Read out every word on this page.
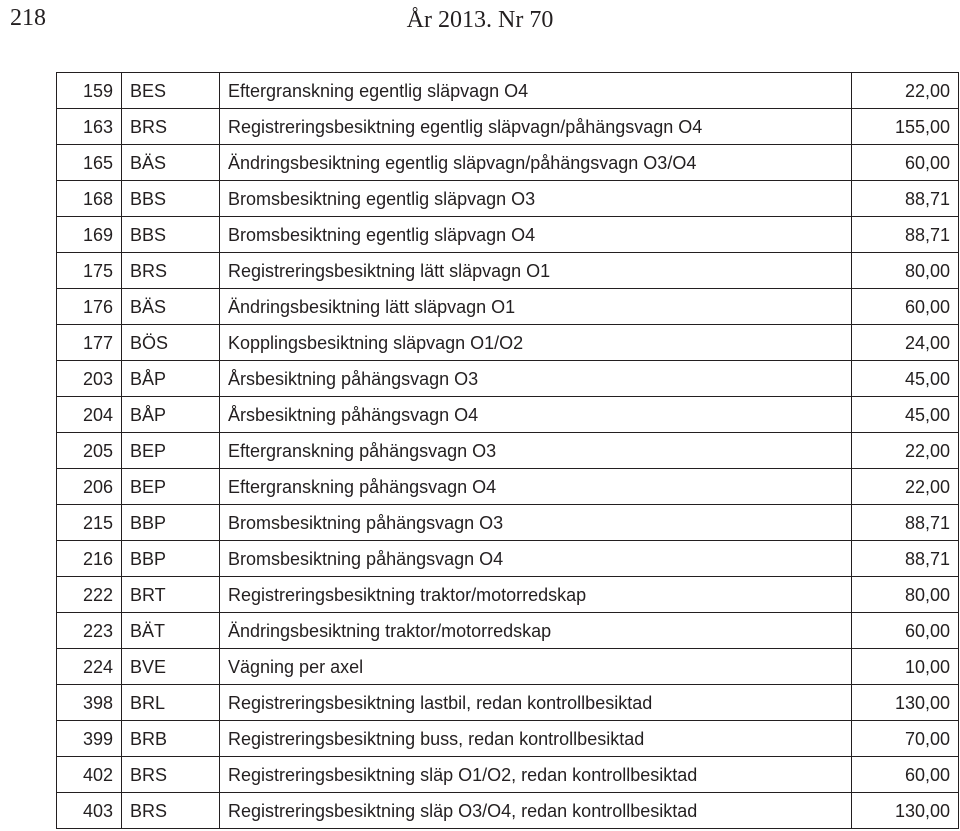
218	År 2013. Nr 70
159	BES	Eftergranskning egentlig släpvagn O4	22,00
163	BRS	Registreringsbesiktning egentlig släpvagn/påhängsvagn O4	155,00
165	BÄS	Ändringsbesiktning egentlig släpvagn/påhängsvagn O3/O4	60,00
168	BBS	Bromsbesiktning egentlig släpvagn O3	88,71
169	BBS	Bromsbesiktning egentlig släpvagn O4	88,71
175	BRS	Registreringsbesiktning lätt släpvagn O1	80,00
176	BÄS	Ändringsbesiktning lätt släpvagn O1	60,00
177	BÖS	Kopplingsbesiktning släpvagn O1/O2	24,00
203	BÅP	Årsbesiktning påhängsvagn O3	45,00
204	BÅP	Årsbesiktning påhängsvagn O4	45,00
205	BEP	Eftergranskning påhängsvagn O3	22,00
206	BEP	Eftergranskning påhängsvagn O4	22,00
215	BBP	Bromsbesiktning påhängsvagn O3	88,71
216	BBP	Bromsbesiktning påhängsvagn O4	88,71
222	BRT	Registreringsbesiktning traktor/motorredskap	80,00
223	BÄT	Ändringsbesiktning traktor/motorredskap	60,00
224	BVE	Vägning per axel	10,00
398	BRL	Registreringsbesiktning lastbil, redan kontrollbesiktad	130,00
399	BRB	Registreringsbesiktning buss, redan kontrollbesiktad	70,00
402	BRS	Registreringsbesiktning släp O1/O2, redan kontrollbesiktad	60,00
403	BRS	Registreringsbesiktning släp O3/O4, redan kontrollbesiktad	130,00
